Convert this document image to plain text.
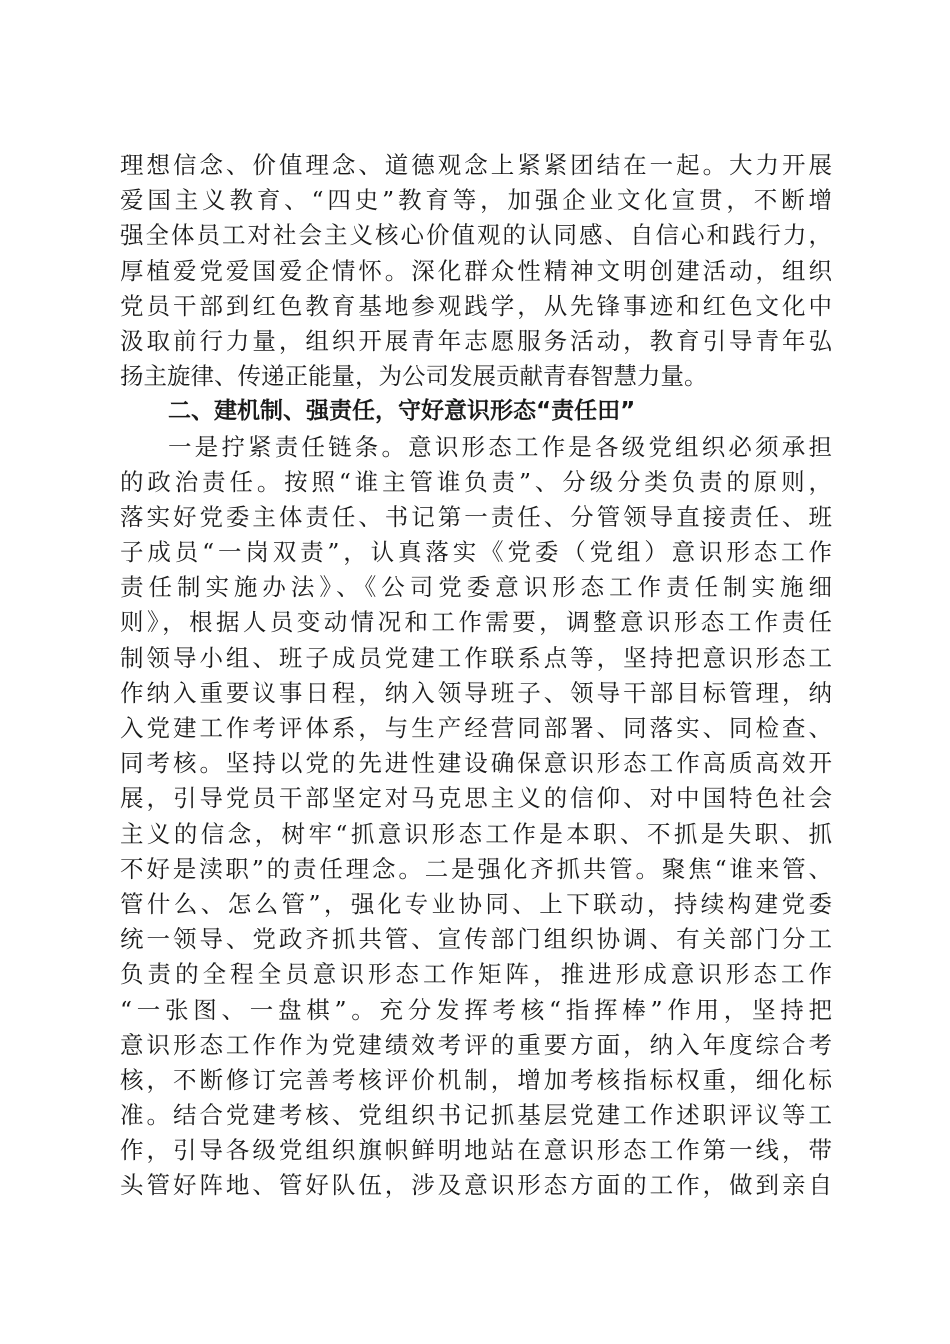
理想信念、价值理念、道德观念上紧紧团结在一起。大力开展
爱国主义教育、“四史”教育等，加强企业文化宣贯，不断增
强全体员工对社会主义核心价值观的认同感、自信心和践行力，
厚植爱党爱国爱企情怀。深化群众性精神文明创建活动，组织
党员干部到红色教育基地参观践学，从先锋事迹和红色文化中
汲取前行力量，组织开展青年志愿服务活动，教育引导青年弘
扬主旋律、传递正能量，为公司发展贡献青春智慧力量。
二、建机制、强责任，守好意识形态“责任田”
一是拧紧责任链条。意识形态工作是各级党组织必须承担
的政治责任。按照“谁主管谁负责”、分级分类负责的原则，
落实好党委主体责任、书记第一责任、分管领导直接责任、班
子成员“一岗双责”，认真落实《党委（党组）意识形态工作
责任制实施办法》、《公司党委意识形态工作责任制实施细
则》，根据人员变动情况和工作需要，调整意识形态工作责任
制领导小组、班子成员党建工作联系点等，坚持把意识形态工
作纳入重要议事日程，纳入领导班子、领导干部目标管理，纳
入党建工作考评体系，与生产经营同部署、同落实、同检查、
同考核。坚持以党的先进性建设确保意识形态工作高质高效开
展，引导党员干部坚定对马克思主义的信仰、对中国特色社会
主义的信念，树牢“抓意识形态工作是本职、不抓是失职、抓
不好是渎职”的责任理念。二是强化齐抓共管。聚焦“谁来管、
管什么、怎么管”，强化专业协同、上下联动，持续构建党委
统一领导、党政齐抓共管、宣传部门组织协调、有关部门分工
负责的全程全员意识形态工作矩阵，推进形成意识形态工作
“一张图、一盘棋”。充分发挥考核“指挥棒”作用，坚持把
意识形态工作作为党建绩效考评的重要方面，纳入年度综合考
核，不断修订完善考核评价机制，增加考核指标权重，细化标
准。结合党建考核、党组织书记抓基层党建工作述职评议等工
作，引导各级党组织旗帜鲜明地站在意识形态工作第一线，带
头管好阵地、管好队伍，涉及意识形态方面的工作，做到亲自
